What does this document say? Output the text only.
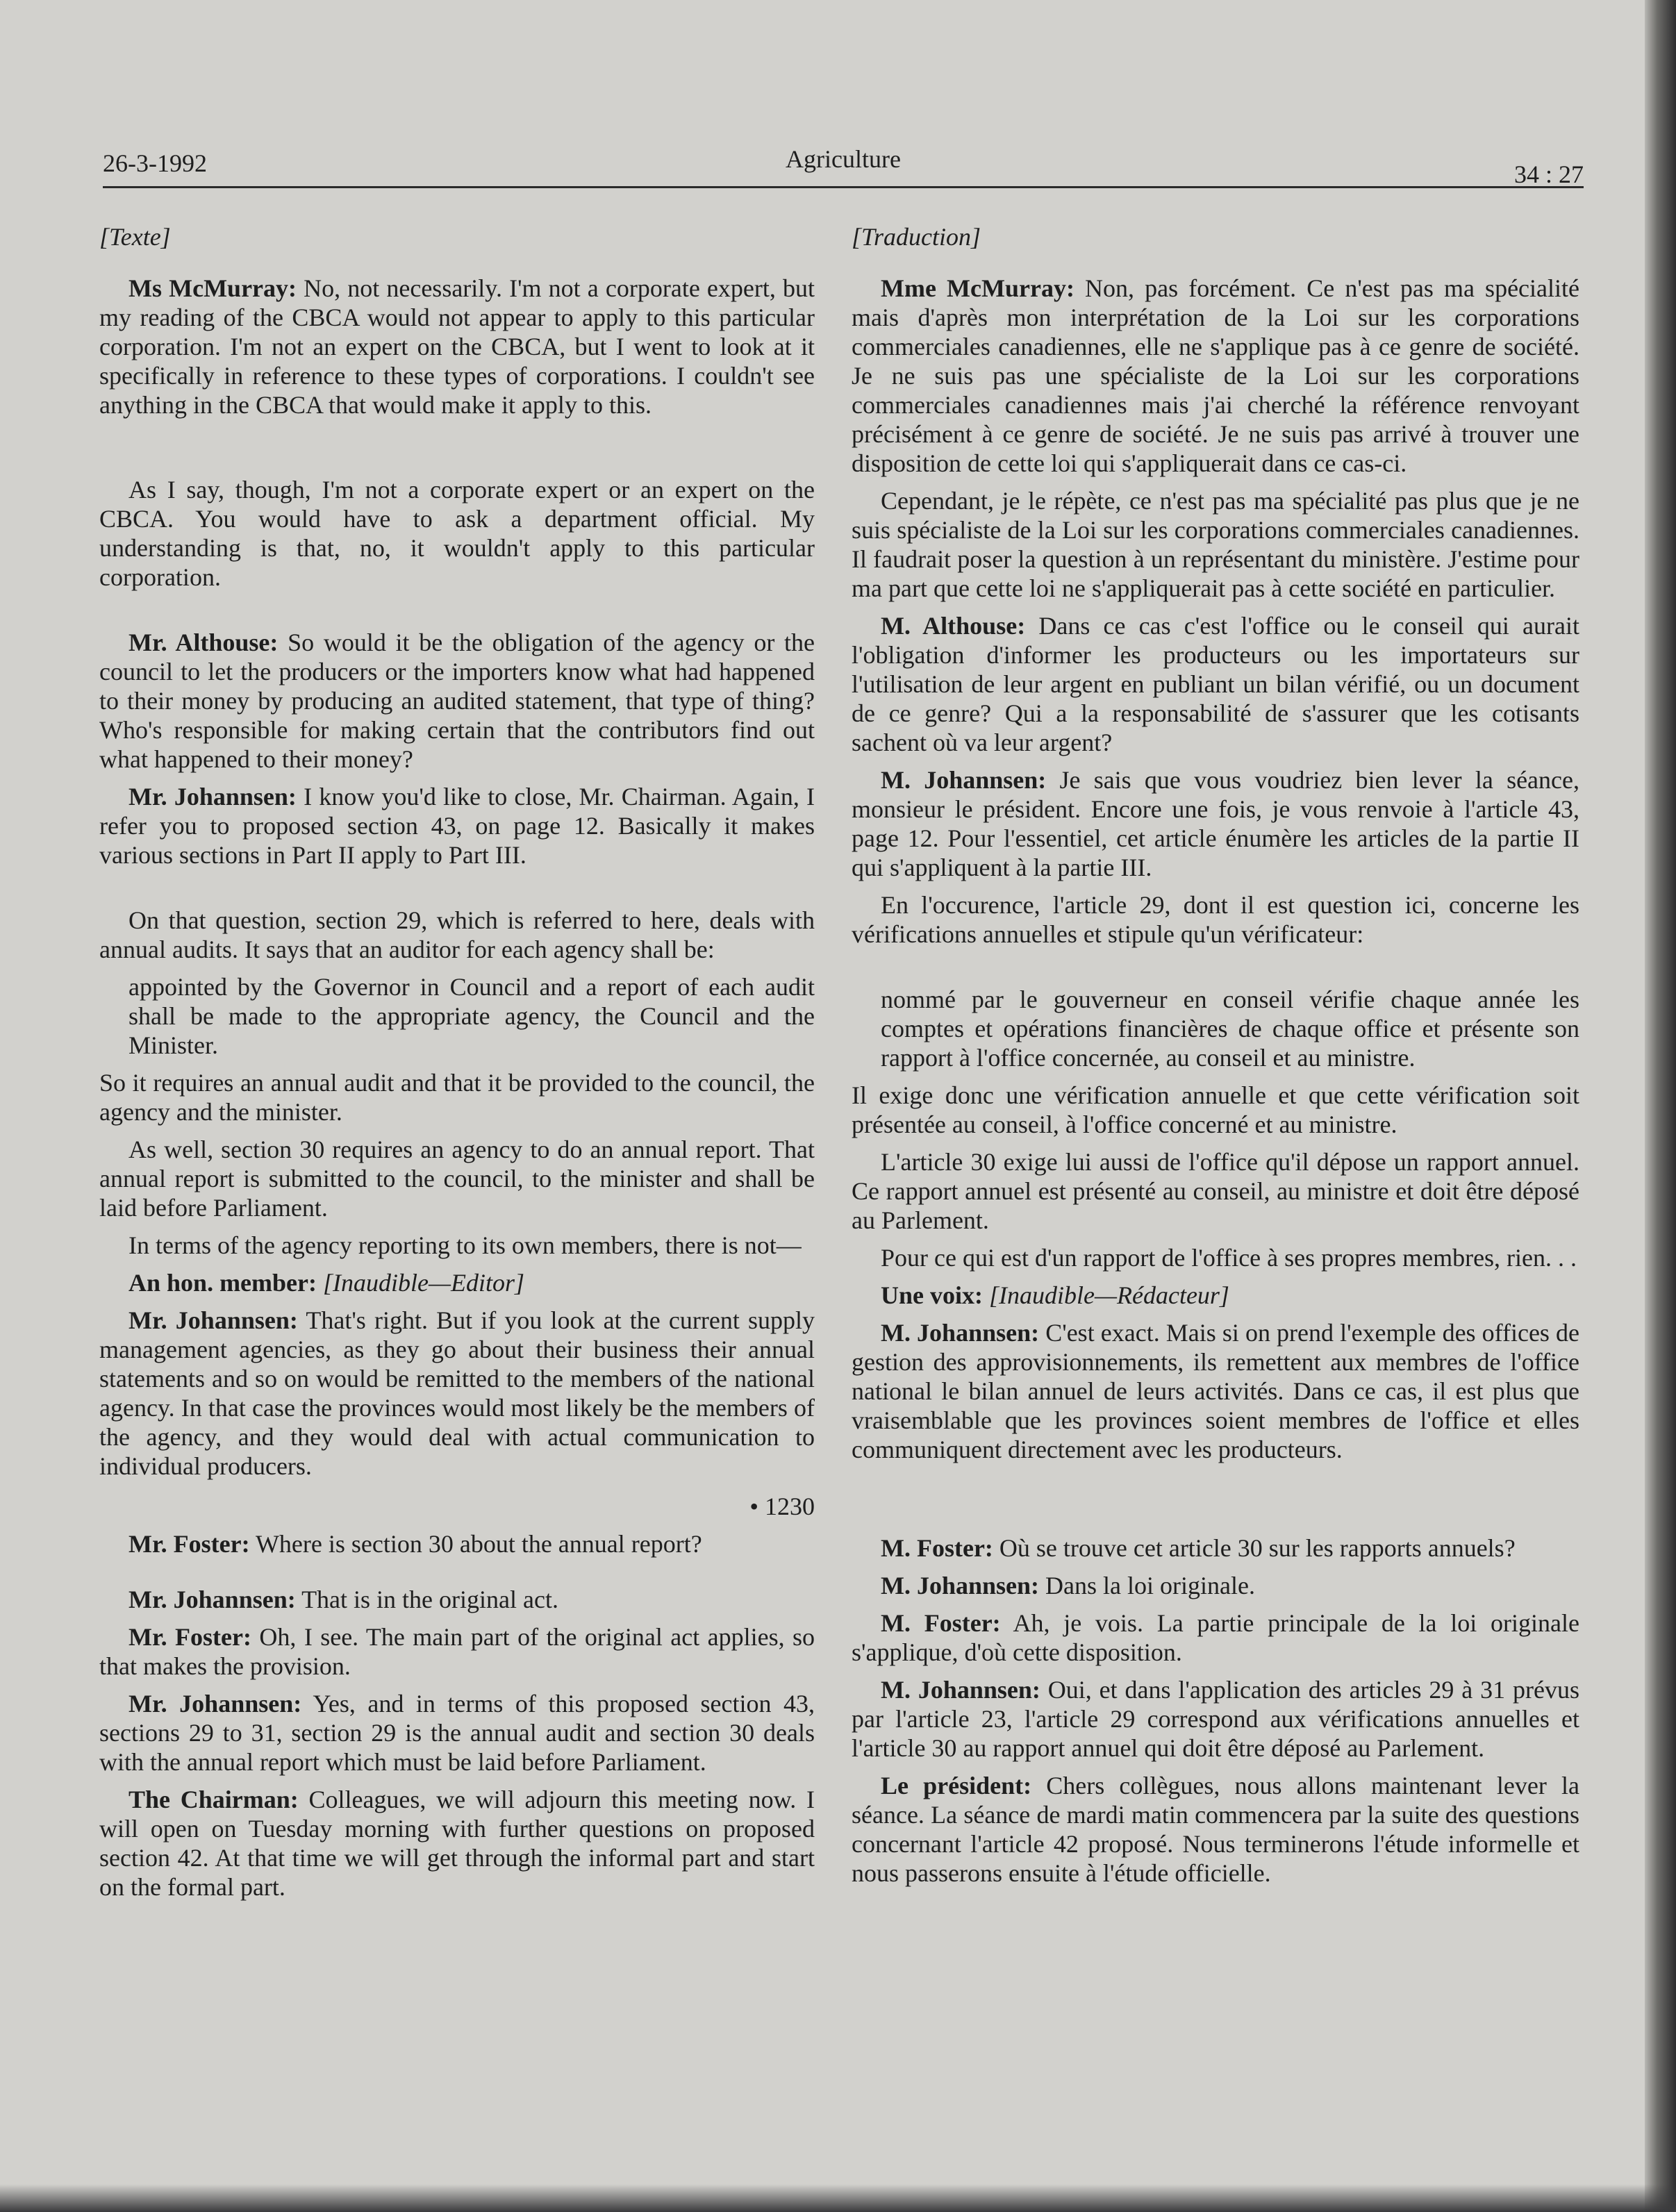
26-3-1992	Agriculture
34 : 27

[Texte]

Ms McMurray: No, not necessarily. I'm not a corporate expert, but my reading of the CBCA would not appear to apply to this particular corporation. I'm not an expert on the CBCA, but I went to look at it specifically in reference to these types of corporations. I couldn't see anything in the CBCA that would make it apply to this.

As I say, though, I'm not a corporate expert or an expert on the CBCA. You would have to ask a department official. My understanding is that, no, it wouldn't apply to this particular corporation.

Mr. Althouse: So would it be the obligation of the agency or the council to let the producers or the importers know what had happened to their money by producing an audited statement, that type of thing? Who's responsible for making certain that the contributors find out what happened to their money?

Mr. Johannsen: I know you'd like to close, Mr. Chairman. Again, I refer you to proposed section 43, on page 12. Basically it makes various sections in Part II apply to Part III.

On that question, section 29, which is referred to here, deals with annual audits. It says that an auditor for each agency shall be:

appointed by the Governor in Council and a report of each audit shall be made to the appropriate agency, the Council and the Minister.

So it requires an annual audit and that it be provided to the council, the agency and the minister.

As well, section 30 requires an agency to do an annual report. That annual report is submitted to the council, to the minister and shall be laid before Parliament.

In terms of the agency reporting to its own members, there is not—

An hon. member: [Inaudible—Editor]

Mr. Johannsen: That's right. But if you look at the current supply management agencies, as they go about their business their annual statements and so on would be remitted to the members of the national agency. In that case the provinces would most likely be the members of the agency, and they would deal with actual communication to individual producers.

• 1230

Mr. Foster: Where is section 30 about the annual report?

Mr. Johannsen: That is in the original act.

Mr. Foster: Oh, I see. The main part of the original act applies, so that makes the provision.

Mr. Johannsen: Yes, and in terms of this proposed section 43, sections 29 to 31, section 29 is the annual audit and section 30 deals with the annual report which must be laid before Parliament.

The Chairman: Colleagues, we will adjourn this meeting now. I will open on Tuesday morning with further questions on proposed section 42. At that time we will get through the informal part and start on the formal part.

[Traduction]

Mme McMurray: Non, pas forcément. Ce n'est pas ma spécialité mais d'après mon interprétation de la Loi sur les corporations commerciales canadiennes, elle ne s'applique pas à ce genre de société. Je ne suis pas une spécialiste de la Loi sur les corporations commerciales canadiennes mais j'ai cherché la référence renvoyant précisément à ce genre de société. Je ne suis pas arrivé à trouver une disposition de cette loi qui s'appliquerait dans ce cas-ci.

Cependant, je le répète, ce n'est pas ma spécialité pas plus que je ne suis spécialiste de la Loi sur les corporations commerciales canadiennes. Il faudrait poser la question à un représentant du ministère. J'estime pour ma part que cette loi ne s'appliquerait pas à cette société en particulier.

M. Althouse: Dans ce cas c'est l'office ou le conseil qui aurait l'obligation d'informer les producteurs ou les importateurs sur l'utilisation de leur argent en publiant un bilan vérifié, ou un document de ce genre? Qui a la responsabilité de s'assurer que les cotisants sachent où va leur argent?

M. Johannsen: Je sais que vous voudriez bien lever la séance, monsieur le président. Encore une fois, je vous renvoie à l'article 43, page 12. Pour l'essentiel, cet article énumère les articles de la partie II qui s'appliquent à la partie III.

En l'occurence, l'article 29, dont il est question ici, concerne les vérifications annuelles et stipule qu'un vérificateur:

nommé par le gouverneur en conseil vérifie chaque année les comptes et opérations financières de chaque office et présente son rapport à l'office concernée, au conseil et au ministre.

Il exige donc une vérification annuelle et que cette vérification soit présentée au conseil, à l'office concerné et au ministre.

L'article 30 exige lui aussi de l'office qu'il dépose un rapport annuel. Ce rapport annuel est présenté au conseil, au ministre et doit être déposé au Parlement.

Pour ce qui est d'un rapport de l'office à ses propres membres, rien. . .

Une voix: [Inaudible—Rédacteur]

M. Johannsen: C'est exact. Mais si on prend l'exemple des offices de gestion des approvisionnements, ils remettent aux membres de l'office national le bilan annuel de leurs activités. Dans ce cas, il est plus que vraisemblable que les provinces soient membres de l'office et elles communiquent directement avec les producteurs.

M. Foster: Où se trouve cet article 30 sur les rapports annuels?

M. Johannsen: Dans la loi originale.

M. Foster: Ah, je vois. La partie principale de la loi originale s'applique, d'où cette disposition.

M. Johannsen: Oui, et dans l'application des articles 29 à 31 prévus par l'article 23, l'article 29 correspond aux vérifications annuelles et l'article 30 au rapport annuel qui doit être déposé au Parlement.

Le président: Chers collègues, nous allons maintenant lever la séance. La séance de mardi matin commencera par la suite des questions concernant l'article 42 proposé. Nous terminerons l'étude informelle et nous passerons ensuite à l'étude officielle.
